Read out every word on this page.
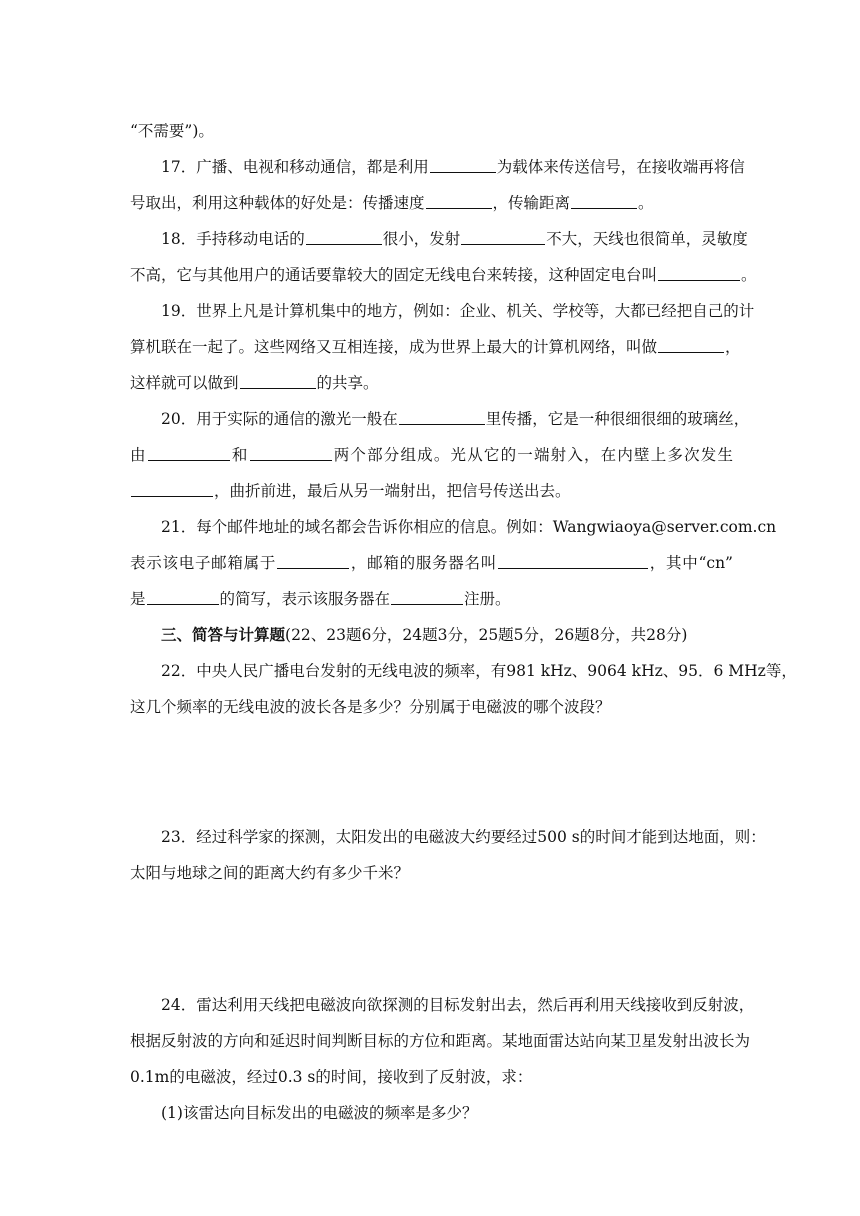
“不需要”)。
17．广播、电视和移动通信，都是利用	为载体来传送信号，在接收端再将信
号取出，利用这种载体的好处是：传播速度	，传输距离	。
18．手持移动电话的	很小，发射	不大，天线也很简单，灵敏度
不高，它与其他用户的通话要靠较大的固定无线电台来转接，这种固定电台叫	。
19．世界上凡是计算机集中的地方，例如：企业、机关、学校等，大都已经把自己的计
算机联在一起了。这些网络又互相连接，成为世界上最大的计算机网络，叫做	，
这样就可以做到	的共享。
20．用于实际的通信的激光一般在	里传播，它是一种很细很细的玻璃丝，
由	和	两个部分组成。光从它的一端射入，在内壁上多次发生
，曲折前进，最后从另一端射出，把信号传送出去。
21．每个邮件地址的域名都会告诉你相应的信息。例如：Wangwiaoya@server.com.cn
表示该电子邮箱属于	，邮箱的服务器名叫	，其中“cn”
是	的简写，表示该服务器在	注册。
三、简答与计算题(22、23题6分，24题3分，25题5分，26题8分，共28分)
22．中央人民广播电台发射的无线电波的频率，有981 kHz、9064 kHz、95．6 MHz等，
这几个频率的无线电波的波长各是多少？分别属于电磁波的哪个波段？
23．经过科学家的探测，太阳发出的电磁波大约要经过500 s的时间才能到达地面，则：
太阳与地球之间的距离大约有多少千米？
24．雷达利用天线把电磁波向欲探测的目标发射出去，然后再利用天线接收到反射波，
根据反射波的方向和延迟时间判断目标的方位和距离。某地面雷达站向某卫星发射出波长为
0.1m的电磁波，经过0.3 s的时间，接收到了反射波，求：
(1)该雷达向目标发出的电磁波的频率是多少？
